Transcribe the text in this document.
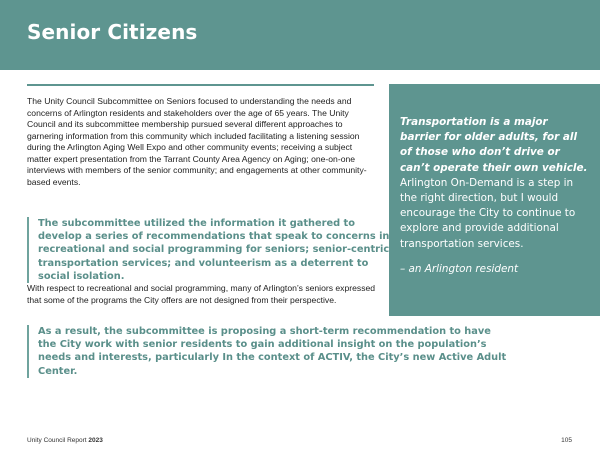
Senior Citizens

The Unity Council Subcommittee on Seniors focused to understanding the needs and concerns of Arlington residents and stakeholders over the age of 65 years. The Unity Council and its subcommittee membership pursued several different approaches to garnering information from this community which included facilitating a listening session during the Arlington Aging Well Expo and other community events; receiving a subject matter expert presentation from the Tarrant County Area Agency on Aging; one-on-one interviews with members of the senior community; and engagements at other community-based events.

The subcommittee utilized the information it gathered to develop a series of recommendations that speak to concerns in recreational and social programming for seniors; senior-centric transportation services; and volunteerism as a deterrent to social isolation.

With respect to recreational and social programming, many of Arlington’s seniors expressed that some of the programs the City offers are not designed from their perspective.

As a result, the subcommittee is proposing a short-term recommendation to have the City work with senior residents to gain additional insight on the population’s needs and interests, particularly In the context of ACTIV, the City’s new Active Adult Center.

Transportation is a major barrier for older adults, for all of those who don’t drive or can’t operate their own vehicle. Arlington On-Demand is a step in the right direction, but I would encourage the City to continue to explore and provide additional transportation services.

– an Arlington resident

Unity Council Report 2023	105
